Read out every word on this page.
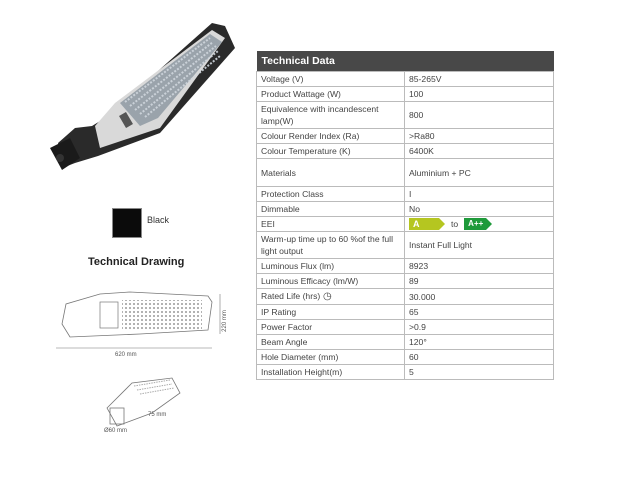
Black
Technical Drawing
620 mm
220 mm
75 mm
Ø60 mm
Technical Data	
Voltage (V)	85-265V
Product Wattage (W)	100
Equivalence with incandescent lamp(W)	800
Colour Render Index (Ra)	>Ra80
Colour Temperature (K)	6400K
Materials	Aluminium + PC
Protection Class	I
Dimmable	No
EEI	A to A++

Warm-up time up to 60 %of the full light output	Instant Full Light
Luminous Flux (lm)	8923
Luminous Efficacy (lm/W)	89
Rated Life (hrs) ◷	30.000
IP Rating	65
Power Factor	>0.9
Beam Angle	120°
Hole Diameter (mm)	60
Installation Height(m)	5
